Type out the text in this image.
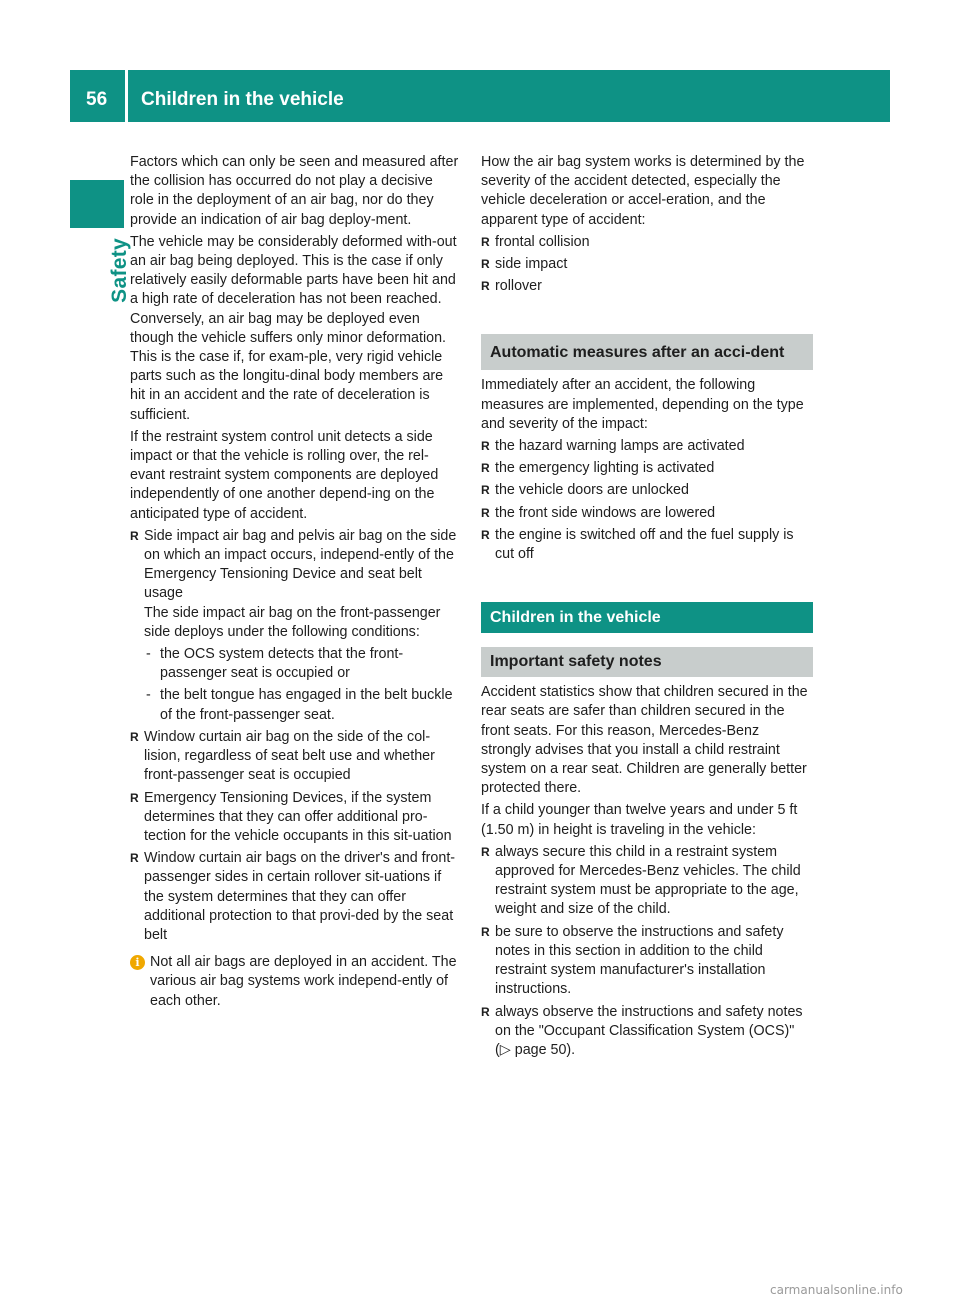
56 Children in the vehicle
Safety

Factors which can only be seen and measured after the collision has occurred do not play a decisive role in the deployment of an air bag, nor do they provide an indication of air bag deploy-ment.

The vehicle may be considerably deformed with-out an air bag being deployed. This is the case if only relatively easily deformable parts have been hit and a high rate of deceleration has not been reached. Conversely, an air bag may be deployed even though the vehicle suffers only minor deformation. This is the case if, for exam-ple, very rigid vehicle parts such as the longitu-dinal body members are hit in an accident and the rate of deceleration is sufficient.

If the restraint system control unit detects a side impact or that the vehicle is rolling over, the rel-evant restraint system components are deployed independently of one another depend-ing on the anticipated type of accident.

R Side impact air bag and pelvis air bag on the side on which an impact occurs, independ-ently of the Emergency Tensioning Device and seat belt usage
The side impact air bag on the front-passenger side deploys under the following conditions:
- the OCS system detects that the front-passenger seat is occupied or
- the belt tongue has engaged in the belt buckle of the front-passenger seat.
R Window curtain air bag on the side of the col-lision, regardless of seat belt use and whether front-passenger seat is occupied
R Emergency Tensioning Devices, if the system determines that they can offer additional pro-tection for the vehicle occupants in this sit-uation
R Window curtain air bags on the driver's and front-passenger sides in certain rollover sit-uations if the system determines that they can offer additional protection to that provi-ded by the seat belt
i Not all air bags are deployed in an accident. The various air bag systems work independ-ently of each other.

How the air bag system works is determined by the severity of the accident detected, especially the vehicle deceleration or accel-eration, and the apparent type of accident:

R frontal collision
R side impact
R rollover
Automatic measures after an acci-dent

Immediately after an accident, the following measures are implemented, depending on the type and severity of the impact:

R the hazard warning lamps are activated
R the emergency lighting is activated
R the vehicle doors are unlocked
R the front side windows are lowered
R the engine is switched off and the fuel supply is cut off
Children in the vehicle
Important safety notes

Accident statistics show that children secured in the rear seats are safer than children secured in the front seats. For this reason, Mercedes-Benz strongly advises that you install a child restraint system on a rear seat. Children are generally better protected there.

If a child younger than twelve years and under 5 ft (1.50 m) in height is traveling in the vehicle:

R always secure this child in a restraint system approved for Mercedes-Benz vehicles. The child restraint system must be appropriate to the age, weight and size of the child.
R be sure to observe the instructions and safety notes in this section in addition to the child restraint system manufacturer's installation instructions.
R always observe the instructions and safety notes on the "Occupant Classification System (OCS)" (▷ page 50).
carmanualsonline.info
